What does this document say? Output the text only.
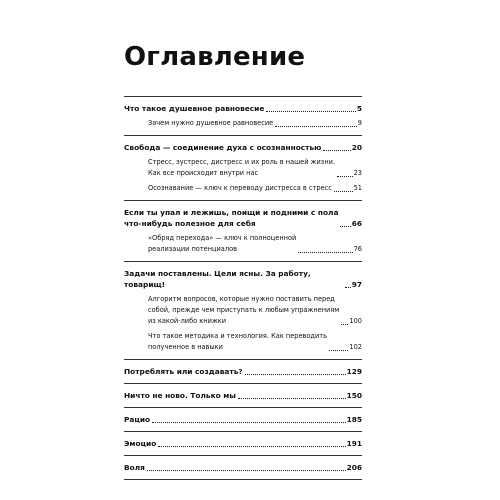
Оглавление
Что такое душевное равновесие	5
Зачем нужно душевное равновесие	9
Свобода — соединение духа с осознанностью	20
Стресс, эустресс, дистресс и их роль в нашей жизни.
Как все происходит внутри нас	23
Осознавание — ключ к переводу дистресса в стресс	51
Если ты упал и лежишь, поищи и подними с пола
что-нибудь полезное для себя	66
«Обряд перехода» — ключ к полноценной
реализации потенциалов	76
Задачи поставлены. Цели ясны. За работу, товарищ!	97
Алгоритм вопросов, которые нужно поставить перед
собой, прежде чем приступать к любым упражнениям
из какой-либо книжки	100
Что такое методика и технология. Как переводить
полученное в навыки	102
Потреблять или создавать?	129
Ничто не ново. Только мы	150
Рацио	185
Эмоцио	191
Воля	206
